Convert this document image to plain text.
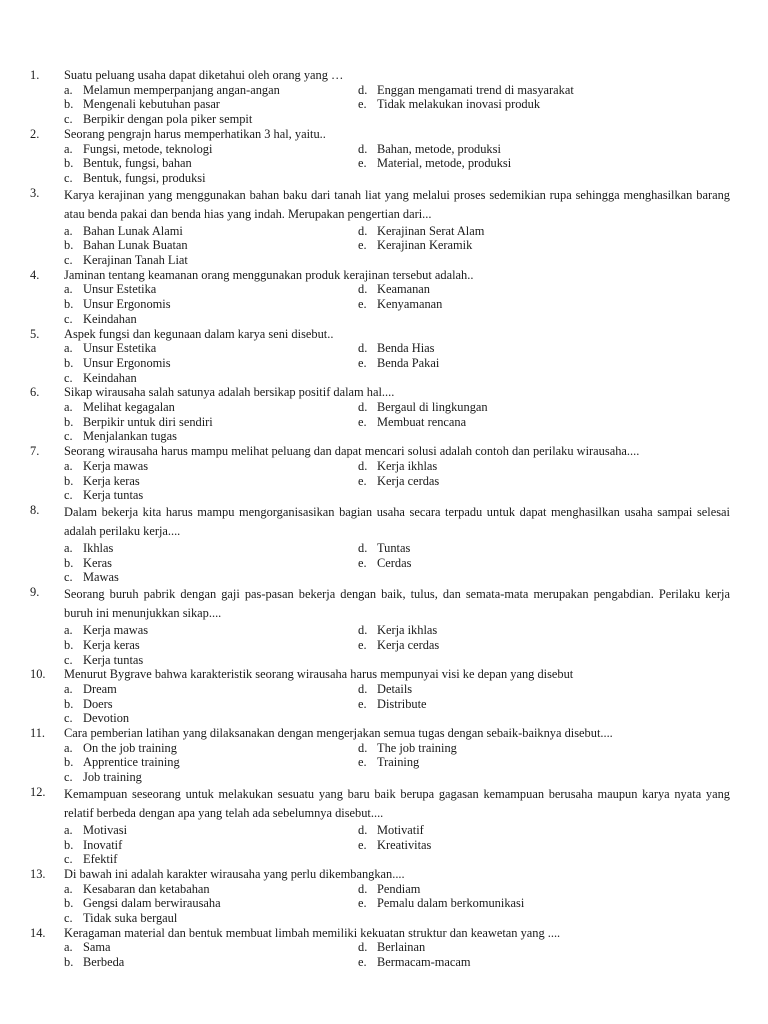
1. Suatu peluang usaha dapat diketahui oleh orang yang …
a. Melamun memperpanjang angan-angan	d. Enggan mengamati trend di masyarakat
b. Mengenali kebutuhan pasar	e. Tidak melakukan inovasi produk
c. Berpikir dengan pola piker sempit
2. Seorang pengrajn harus memperhatikan 3 hal, yaitu..
a. Fungsi, metode, teknologi	d. Bahan, metode, produksi
b. Bentuk, fungsi, bahan	e. Material, metode, produksi
c. Bentuk, fungsi, produksi
3. Karya kerajinan yang menggunakan bahan baku dari tanah liat yang melalui proses sedemikian rupa sehingga menghasilkan barang atau benda pakai dan benda hias yang indah. Merupakan pengertian dari...
a. Bahan Lunak Alami	d. Kerajinan Serat Alam
b. Bahan Lunak Buatan	e. Kerajinan Keramik
c. Kerajinan Tanah Liat
4. Jaminan tentang keamanan orang menggunakan produk kerajinan tersebut adalah..
a. Unsur Estetika	d. Keamanan
b. Unsur Ergonomis	e. Kenyamanan
c. Keindahan
5. Aspek fungsi dan kegunaan dalam karya seni disebut..
a. Unsur Estetika	d. Benda Hias
b. Unsur Ergonomis	e. Benda Pakai
c. Keindahan
6. Sikap wirausaha salah satunya adalah bersikap positif dalam hal....
a. Melihat kegagalan	d. Bergaul di lingkungan
b. Berpikir untuk diri sendiri	e. Membuat rencana
c. Menjalankan tugas
7. Seorang wirausaha harus mampu melihat peluang dan dapat mencari solusi adalah contoh dan perilaku wirausaha....
a. Kerja mawas	d. Kerja ikhlas
b. Kerja keras	e. Kerja cerdas
c. Kerja tuntas
8. Dalam bekerja kita harus mampu mengorganisasikan bagian usaha secara terpadu untuk dapat menghasilkan usaha sampai selesai adalah perilaku kerja....
a. Ikhlas	d. Tuntas
b. Keras	e. Cerdas
c. Mawas
9. Seorang buruh pabrik dengan gaji pas-pasan bekerja dengan baik, tulus, dan semata-mata merupakan pengabdian. Perilaku kerja buruh ini menunjukkan sikap....
a. Kerja mawas	d. Kerja ikhlas
b. Kerja keras	e. Kerja cerdas
c. Kerja tuntas
10. Menurut Bygrave bahwa karakteristik seorang wirausaha harus mempunyai visi ke depan yang disebut
a. Dream	d. Details
b. Doers	e. Distribute
c. Devotion
11. Cara pemberian latihan yang dilaksanakan dengan mengerjakan semua tugas dengan sebaik-baiknya disebut....
a. On the job training	d. The job training
b. Apprentice training	e. Training
c. Job training
12. Kemampuan seseorang untuk melakukan sesuatu yang baru baik berupa gagasan kemampuan berusaha maupun karya nyata yang relatif berbeda dengan apa yang telah ada sebelumnya disebut....
a. Motivasi	d. Motivatif
b. Inovatif	e. Kreativitas
c. Efektif
13. Di bawah ini adalah karakter wirausaha yang perlu dikembangkan....
a. Kesabaran dan ketabahan	d. Pendiam
b. Gengsi dalam berwirausaha	e. Pemalu dalam berkomunikasi
c. Tidak suka bergaul
14. Keragaman material dan bentuk membuat limbah memiliki kekuatan struktur dan keawetan yang ....
a. Sama	d. Berlainan
b. Berbeda	e. Bermacam-macam
